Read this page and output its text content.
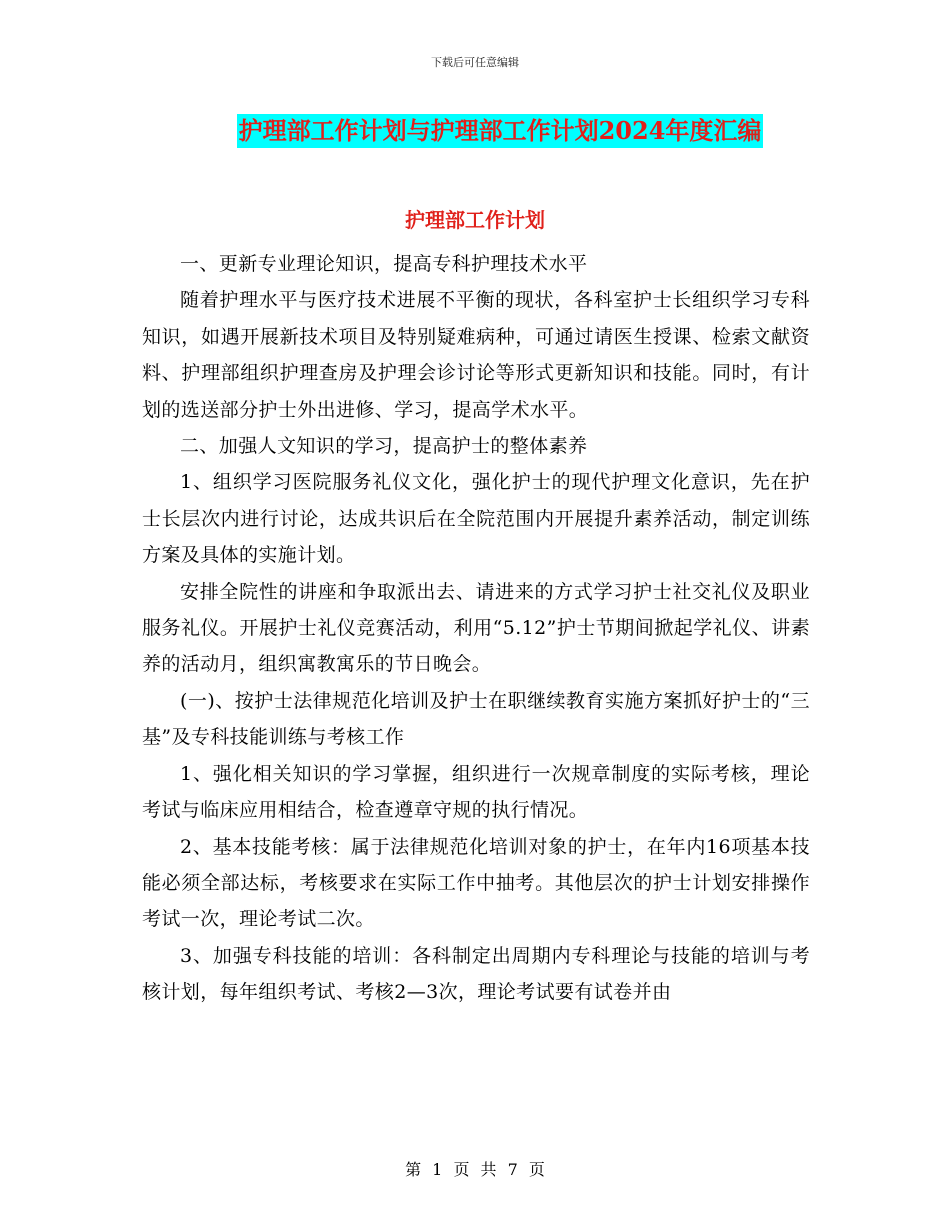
下载后可任意编辑
护理部工作计划与护理部工作计划2024年度汇编
护理部工作计划

一、更新专业理论知识，提高专科护理技术水平

随着护理水平与医疗技术进展不平衡的现状，各科室护士长组织学习专科知识，如遇开展新技术项目及特别疑难病种，可通过请医生授课、检索文献资料、护理部组织护理查房及护理会诊讨论等形式更新知识和技能。同时，有计划的选送部分护士外出进修、学习，提高学术水平。

二、加强人文知识的学习，提高护士的整体素养

1、组织学习医院服务礼仪文化，强化护士的现代护理文化意识，先在护士长层次内进行讨论，达成共识后在全院范围内开展提升素养活动，制定训练方案及具体的实施计划。

安排全院性的讲座和争取派出去、请进来的方式学习护士社交礼仪及职业服务礼仪。开展护士礼仪竞赛活动，利用“5.12”护士节期间掀起学礼仪、讲素养的活动月，组织寓教寓乐的节日晚会。

(一)、按护士法律规范化培训及护士在职继续教育实施方案抓好护士的“三基”及专科技能训练与考核工作

1、强化相关知识的学习掌握，组织进行一次规章制度的实际考核，理论考试与临床应用相结合，检查遵章守规的执行情况。

2、基本技能考核：属于法律规范化培训对象的护士，在年内16项基本技能必须全部达标，考核要求在实际工作中抽考。其他层次的护士计划安排操作考试一次，理论考试二次。

3、加强专科技能的培训：各科制定出周期内专科理论与技能的培训与考核计划，每年组织考试、考核2—3次，理论考试要有试卷并由

第 1 页 共 7 页
